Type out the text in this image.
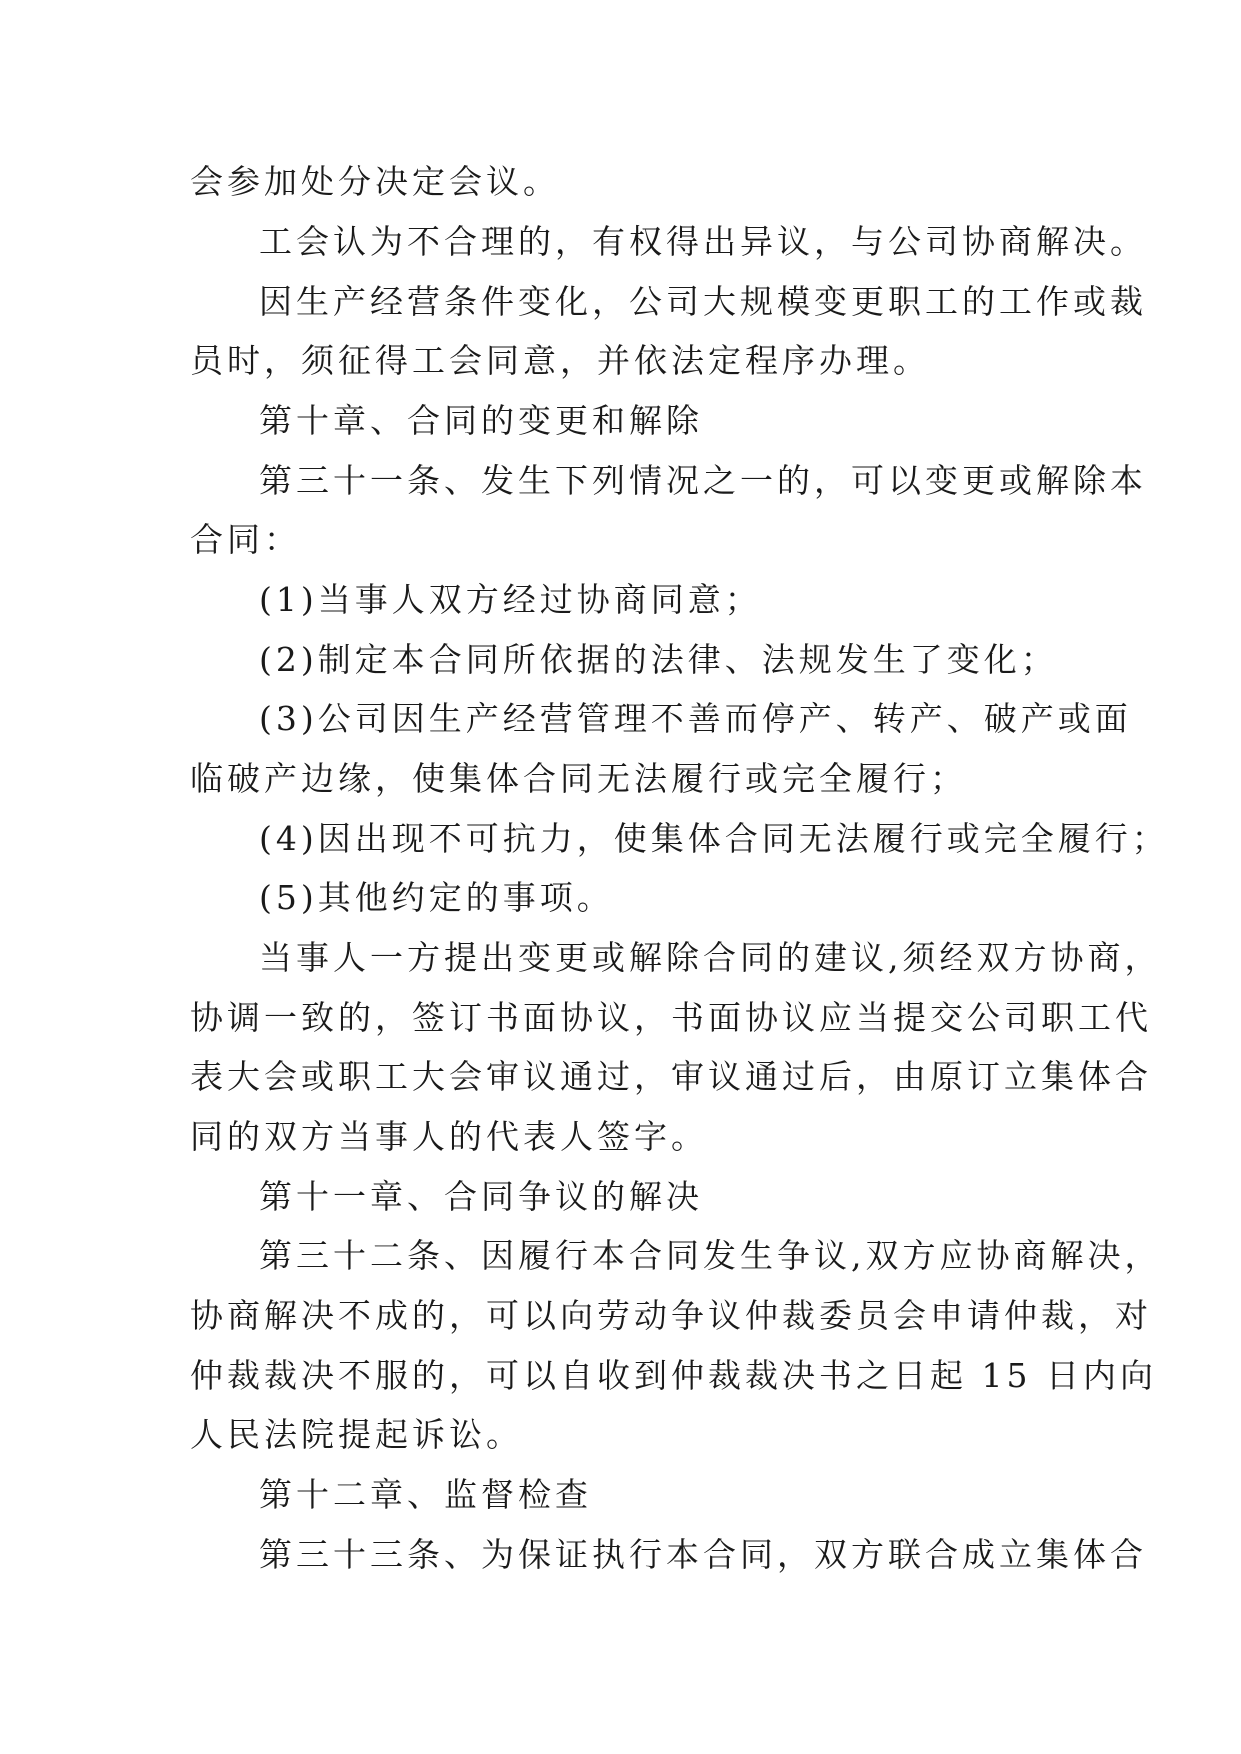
会参加处分决定会议。
工会认为不合理的，有权得出异议，与公司协商解决。
因生产经营条件变化，公司大规模变更职工的工作或裁
员时，须征得工会同意，并依法定程序办理。
第十章、合同的变更和解除
第三十一条、发生下列情况之一的，可以变更或解除本
合同：
(1)当事人双方经过协商同意；
(2)制定本合同所依据的法律、法规发生了变化；
(3)公司因生产经营管理不善而停产、转产、破产或面
临破产边缘，使集体合同无法履行或完全履行；
(4)因出现不可抗力，使集体合同无法履行或完全履行；
(5)其他约定的事项。
当事人一方提出变更或解除合同的建议,须经双方协商，
协调一致的，签订书面协议，书面协议应当提交公司职工代
表大会或职工大会审议通过，审议通过后，由原订立集体合
同的双方当事人的代表人签字。
第十一章、合同争议的解决
第三十二条、因履行本合同发生争议,双方应协商解决，
协商解决不成的，可以向劳动争议仲裁委员会申请仲裁，对
仲裁裁决不服的，可以自收到仲裁裁决书之日起 15 日内向
人民法院提起诉讼。
第十二章、监督检查
第三十三条、为保证执行本合同，双方联合成立集体合
